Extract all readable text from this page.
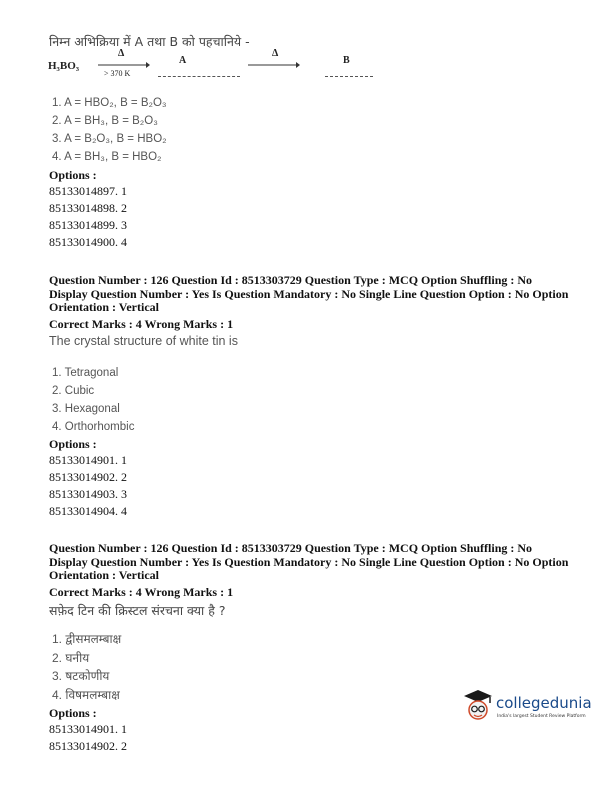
निम्न अभिक्रिया में A तथा B को पहचानिये -
H₃BO₃
Δ
> 370 K
A
Δ
B
1. A = HBO₂, B = B₂O₃
2. A = BH₃, B = B₂O₃
3. A = B₂O₃, B = HBO₂
4. A = BH₃, B = HBO₂
Options :
85133014897. 1
85133014898. 2
85133014899. 3
85133014900. 4
Question Number : 126 Question Id : 8513303729 Question Type : MCQ Option Shuffling : No
Display Question Number : Yes Is Question Mandatory : No Single Line Question Option : No Option
Orientation : Vertical
Correct Marks : 4 Wrong Marks : 1
The crystal structure of white tin is
1. Tetragonal
2. Cubic
3. Hexagonal
4. Orthorhombic
Options :
85133014901. 1
85133014902. 2
85133014903. 3
85133014904. 4
Question Number : 126 Question Id : 8513303729 Question Type : MCQ Option Shuffling : No
Display Question Number : Yes Is Question Mandatory : No Single Line Question Option : No Option
Orientation : Vertical
Correct Marks : 4 Wrong Marks : 1
सफ़ेद टिन की क्रिस्टल संरचना क्या है ?
1. द्वीसमलम्बाक्ष
2. घनीय
3. षटकोणीय
4. विषमलम्बाक्ष
Options :
85133014901. 1
85133014902. 2
collegedunia
India's largest Student Review Platform
